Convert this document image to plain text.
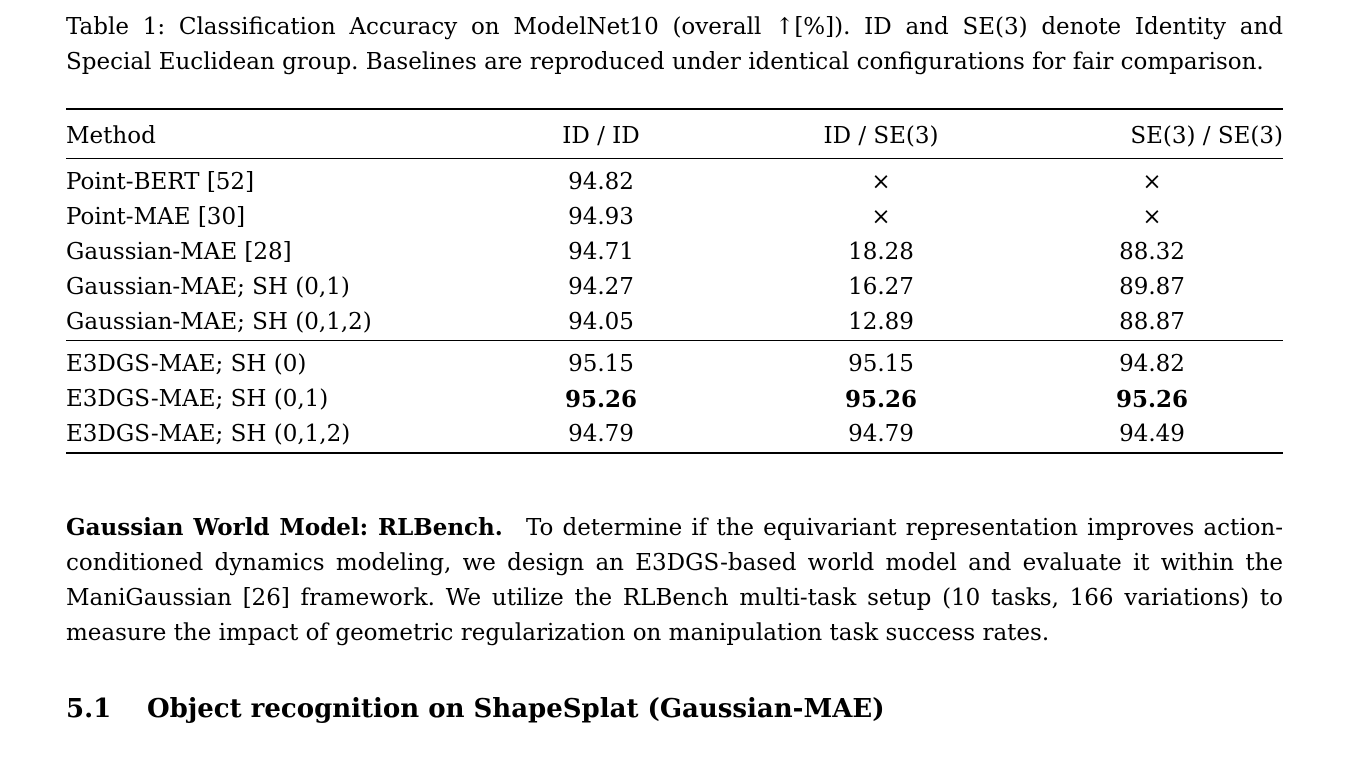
Table 1: Classification Accuracy on ModelNet10 (overall ↑[%]). ID and SE(3) denote Identity and Special Euclidean group. Baselines are reproduced under identical configurations for fair comparison.

Method	ID / ID	ID / SE(3)	SE(3) / SE(3)
Point-BERT [52]	94.82	×	×
Point-MAE [30]	94.93	×	×
Gaussian-MAE [28]	94.71	18.28	88.32
Gaussian-MAE; SH (0,1)	94.27	16.27	89.87
Gaussian-MAE; SH (0,1,2)	94.05	12.89	88.87
E3DGS-MAE; SH (0)	95.15	95.15	94.82
E3DGS-MAE; SH (0,1)	95.26	95.26	95.26
E3DGS-MAE; SH (0,1,2)	94.79	94.79	94.49

Gaussian World Model: RLBench. To determine if the equivariant representation improves action-conditioned dynamics modeling, we design an E3DGS-based world model and evaluate it within the ManiGaussian [26] framework. We utilize the RLBench multi-task setup (10 tasks, 166 variations) to measure the impact of geometric regularization on manipulation task success rates.

5.1 Object recognition on ShapeSplat (Gaussian-MAE)
